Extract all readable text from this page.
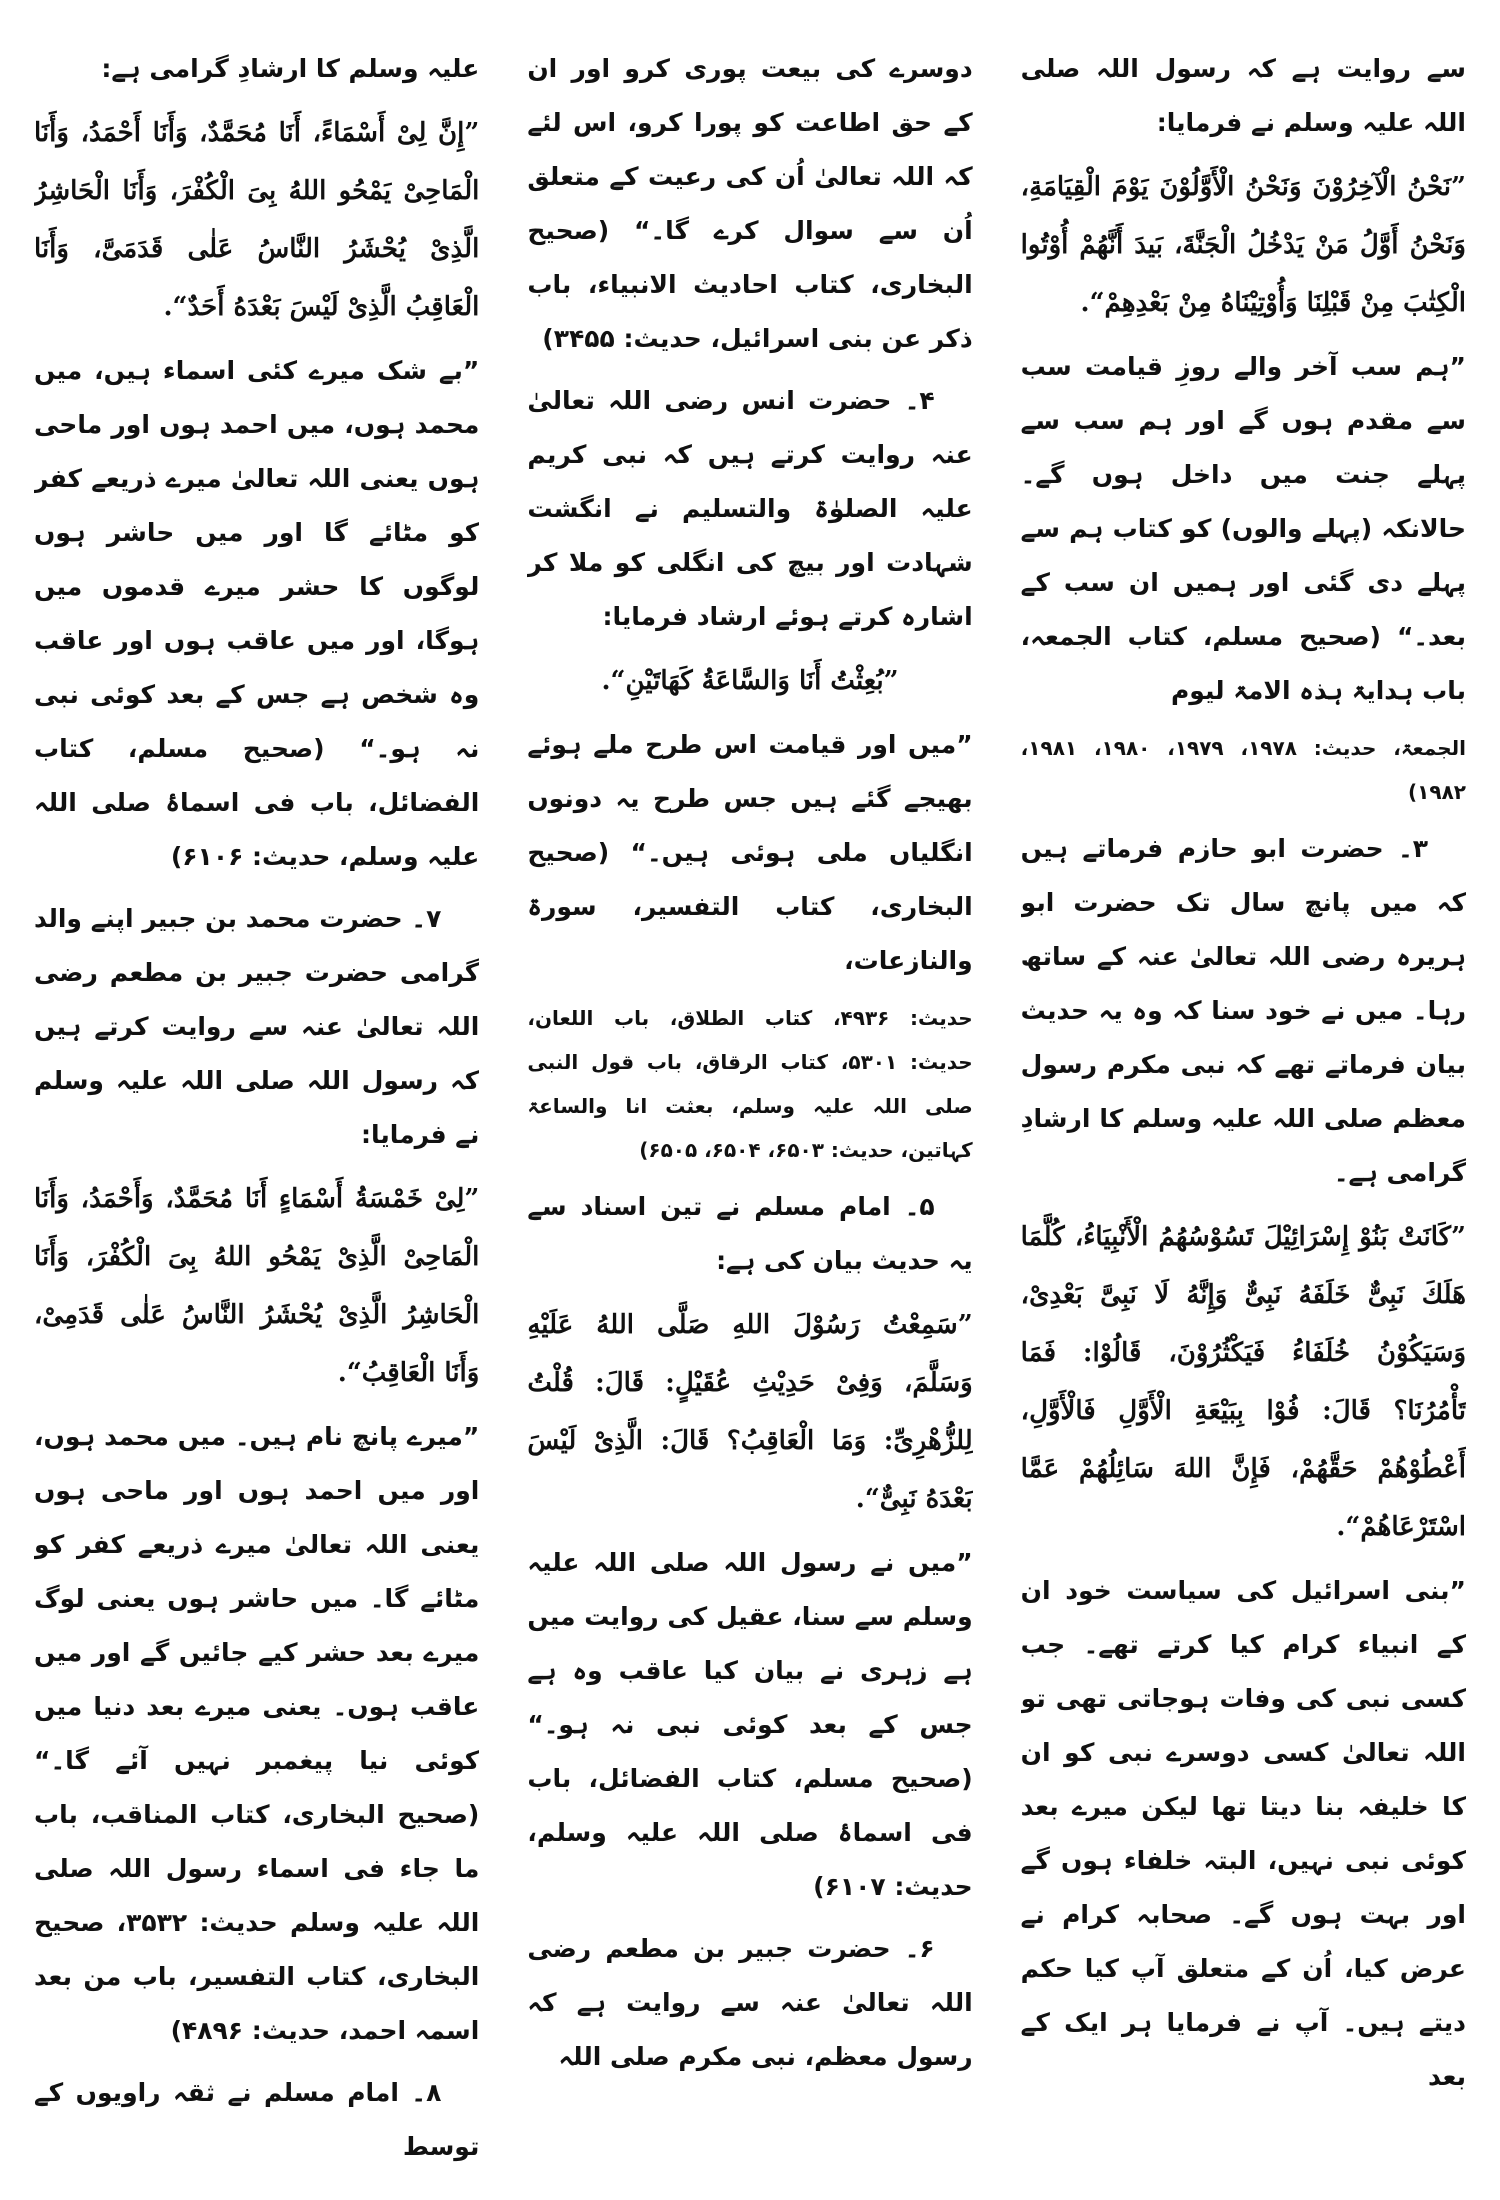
سے روایت ہے کہ رسول اللہ صلی اللہ علیہ وسلم نے فرمایا:

”نَحْنُ الْآخِرُوْنَ وَنَحْنُ الْأَوَّلُوْنَ یَوْمَ الْقِیَامَةِ، وَنَحْنُ أَوَّلُ مَنْ یَدْخُلُ الْجَنَّةَ، بَیدَ أَنَّهُمْ أُوْتُوا الْكِتٰبَ مِنْ قَبْلِنَا وَأُوْتِیْنَاهُ مِنْ بَعْدِهِمْ“.

”ہم سب آخر والے روزِ قیامت سب سے مقدم ہوں گے اور ہم سب سے پہلے جنت میں داخل ہوں گے۔ حالانکہ (پہلے والوں) کو کتاب ہم سے پہلے دی گئی اور ہمیں ان سب کے بعد۔“ (صحیح مسلم، کتاب الجمعہ، باب ہدایۃ ہذہ الامۃ لیوم

الجمعۃ، حدیث: ۱۹۷۸، ۱۹۷۹، ۱۹۸۰، ۱۹۸۱، ۱۹۸۲)

۳۔ حضرت ابو حازم فرماتے ہیں کہ میں پانچ سال تک حضرت ابو ہریرہ رضی اللہ تعالیٰ عنہ کے ساتھ رہا۔ میں نے خود سنا کہ وہ یہ حدیث بیان فرماتے تھے کہ نبی مکرم رسول معظم صلی اللہ علیہ وسلم کا ارشادِ گرامی ہے۔

”كَانَتْ بَنُوْ إِسْرَائِیْلَ تَسُوْسُهُمُ الْأَنْبِیَاءُ، كُلَّمَا هَلَكَ نَبِیٌّ خَلَفَهُ نَبِیٌّ وَإِنَّهُ لَا نَبِیَّ بَعْدِیْ، وَسَیَكُوْنُ خُلَفَاءُ فَیَكْثُرُوْنَ، قَالُوْا: فَمَا تَأْمُرُنَا؟ قَالَ: فُوْا بِبَیْعَةِ الْأَوَّلِ فَالْأَوَّلِ، أَعْطُوْهُمْ حَقَّهُمْ، فَإِنَّ اللهَ سَائِلُهُمْ عَمَّا اسْتَرْعَاهُمْ“.

”بنی اسرائیل کی سیاست خود ان کے انبیاء کرام کیا کرتے تھے۔ جب کسی نبی کی وفات ہوجاتی تھی تو اللہ تعالیٰ کسی دوسرے نبی کو ان کا خلیفہ بنا دیتا تھا لیکن میرے بعد کوئی نبی نہیں، البتہ خلفاء ہوں گے اور بہت ہوں گے۔ صحابہ کرام نے عرض کیا، اُن کے متعلق آپ کیا حکم دیتے ہیں۔ آپ نے فرمایا ہر ایک کے بعد

دوسرے کی بیعت پوری کرو اور ان کے حق اطاعت کو پورا کرو، اس لئے کہ اللہ تعالیٰ اُن کی رعیت کے متعلق اُن سے سوال کرے گا۔“ (صحیح البخاری، کتاب احادیث الانبیاء، باب ذکر عن بنی اسرائیل، حدیث: ۳۴۵۵)

۴۔ حضرت انس رضی اللہ تعالیٰ عنہ روایت کرتے ہیں کہ نبی کریم علیہ الصلوٰۃ والتسلیم نے انگشت شہادت اور بیچ کی انگلی کو ملا کر اشارہ کرتے ہوئے ارشاد فرمایا:

”بُعِثْتُ أَنَا وَالسَّاعَةُ كَهَاتَیْنِ“.

”میں اور قیامت اس طرح ملے ہوئے بھیجے گئے ہیں جس طرح یہ دونوں انگلیاں ملی ہوئی ہیں۔“ (صحیح البخاری، کتاب التفسیر، سورۃ والنازعات،

حدیث: ۴۹۳۶، کتاب الطلاق، باب اللعان، حدیث: ۵۳۰۱، کتاب الرقاق، باب قول النبی صلی اللہ علیہ وسلم، بعثت انا والساعۃ کہاتین، حدیث: ۶۵۰۳، ۶۵۰۴، ۶۵۰۵)

۵۔ امام مسلم نے تین اسناد سے یہ حدیث بیان کی ہے:

”سَمِعْتُ رَسُوْلَ اللهِ صَلَّى اللهُ عَلَیْهِ وَسَلَّمَ، وَفِیْ حَدِیْثِ عُقَیْلٍ: قَالَ: قُلْتُ لِلزُّهْرِیِّ: وَمَا الْعَاقِبُ؟ قَالَ: الَّذِیْ لَیْسَ بَعْدَهُ نَبِیٌّ“.

”میں نے رسول اللہ صلی اللہ علیہ وسلم سے سنا، عقیل کی روایت میں ہے زہری نے بیان کیا عاقب وہ ہے جس کے بعد کوئی نبی نہ ہو۔“ (صحیح مسلم، کتاب الفضائل، باب فی اسماۂ صلی اللہ علیہ وسلم، حدیث: ۶۱۰۷)

۶۔ حضرت جبیر بن مطعم رضی اللہ تعالیٰ عنہ سے روایت ہے کہ رسول معظم، نبی مکرم صلی اللہ

علیہ وسلم کا ارشادِ گرامی ہے:

”إِنَّ لِیْ أَسْمَاءً، أَنَا مُحَمَّدٌ، وَأَنَا أَحْمَدُ، وَأَنَا الْمَاحِیْ یَمْحُو اللهُ بِیَ الْكُفْرَ، وَأَنَا الْحَاشِرُ الَّذِیْ یُحْشَرُ النَّاسُ عَلٰى قَدَمَیَّ، وَأَنَا الْعَاقِبُ الَّذِیْ لَیْسَ بَعْدَهُ أَحَدٌ“.

”بے شک میرے کئی اسماء ہیں، میں محمد ہوں، میں احمد ہوں اور ماحی ہوں یعنی اللہ تعالیٰ میرے ذریعے کفر کو مٹائے گا اور میں حاشر ہوں لوگوں کا حشر میرے قدموں میں ہوگا، اور میں عاقب ہوں اور عاقب وہ شخص ہے جس کے بعد کوئی نبی نہ ہو۔“ (صحیح مسلم، کتاب الفضائل، باب فی اسماۂ صلی اللہ علیہ وسلم، حدیث: ۶۱۰۶)

۷۔ حضرت محمد بن جبیر اپنے والد گرامی حضرت جبیر بن مطعم رضی اللہ تعالیٰ عنہ سے روایت کرتے ہیں کہ رسول اللہ صلی اللہ علیہ وسلم نے فرمایا:

”لِیْ خَمْسَةُ أَسْمَاءٍ أَنَا مُحَمَّدٌ، وَأَحْمَدُ، وَأَنَا الْمَاحِیْ الَّذِیْ یَمْحُو اللهُ بِیَ الْكُفْرَ، وَأَنَا الْحَاشِرُ الَّذِیْ یُحْشَرُ النَّاسُ عَلٰى قَدَمِیْ، وَأَنَا الْعَاقِبُ“.

”میرے پانچ نام ہیں۔ میں محمد ہوں، اور میں احمد ہوں اور ماحی ہوں یعنی اللہ تعالیٰ میرے ذریعے کفر کو مٹائے گا۔ میں حاشر ہوں یعنی لوگ میرے بعد حشر کیے جائیں گے اور میں عاقب ہوں۔ یعنی میرے بعد دنیا میں کوئی نیا پیغمبر نہیں آئے گا۔“ (صحیح البخاری، کتاب المناقب، باب ما جاء فی اسماء رسول اللہ صلی اللہ علیہ وسلم حدیث: ۳۵۳۲، صحیح البخاری، کتاب التفسیر، باب من بعد اسمہ احمد، حدیث: ۴۸۹۶)

۸۔ امام مسلم نے ثقہ راویوں کے توسط
